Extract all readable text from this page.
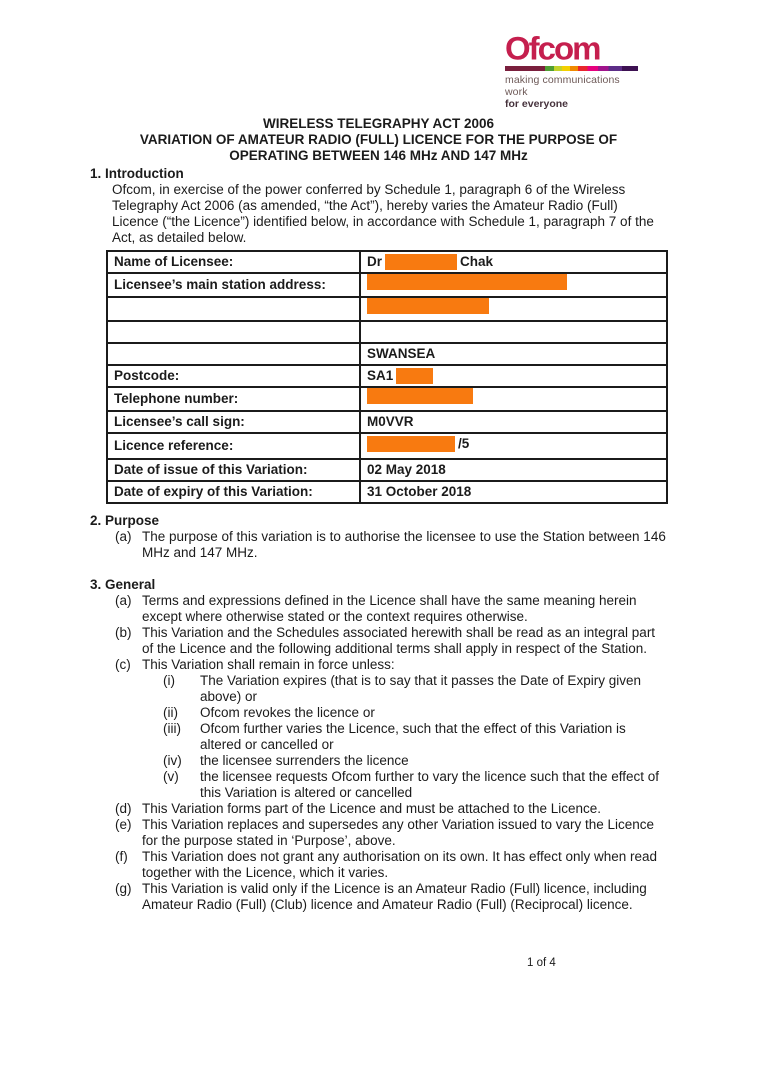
Ofcom
making communications work
for everyone
WIRELESS TELEGRAPHY ACT 2006
VARIATION OF AMATEUR RADIO (FULL) LICENCE FOR THE PURPOSE OF
OPERATING BETWEEN 146 MHz AND 147 MHz
1. Introduction
Ofcom, in exercise of the power conferred by Schedule 1, paragraph 6 of the Wireless Telegraphy Act 2006 (as amended, “the Act”), hereby varies the Amateur Radio (Full) Licence (“the Licence”) identified below, in accordance with Schedule 1, paragraph 7 of the Act, as detailed below.
Name of Licensee:	Dr Chak

Licensee’s main station address:	

	SWANSEA

Postcode:	SA1

Telephone number:	

Licensee’s call sign:	M0VVR

Licence reference:	/5

Date of issue of this Variation:	02 May 2018

Date of expiry of this Variation:	31 October 2018
2. Purpose
(a) The purpose of this variation is to authorise the licensee to use the Station between 146 MHz and 147 MHz.
3. General
(a) Terms and expressions defined in the Licence shall have the same meaning herein except where otherwise stated or the context requires otherwise.
(b) This Variation and the Schedules associated herewith shall be read as an integral part of the Licence and the following additional terms shall apply in respect of the Station.
(c) This Variation shall remain in force unless:
(i)	The Variation expires (that is to say that it passes the Date of Expiry given above) or
(ii)	Ofcom revokes the licence or
(iii)	Ofcom further varies the Licence, such that the effect of this Variation is altered or cancelled or
(iv)	the licensee surrenders the licence
(v)	the licensee requests Ofcom further to vary the licence such that the effect of this Variation is altered or cancelled
(d) This Variation forms part of the Licence and must be attached to the Licence.
(e) This Variation replaces and supersedes any other Variation issued to vary the Licence for the purpose stated in ‘Purpose’, above.
(f)	This Variation does not grant any authorisation on its own. It has effect only when read together with the Licence, which it varies.
(g) This Variation is valid only if the Licence is an Amateur Radio (Full) licence, including Amateur Radio (Full) (Club) licence and Amateur Radio (Full) (Reciprocal) licence.
1 of 4
